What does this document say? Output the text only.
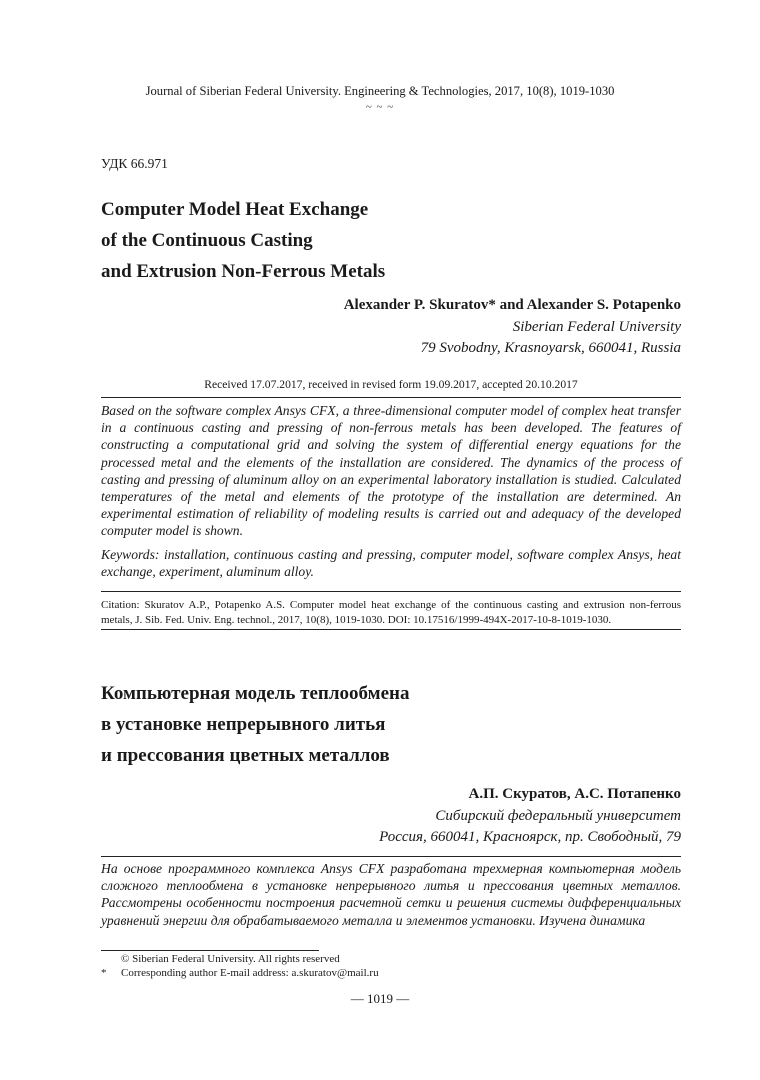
Journal of Siberian Federal University. Engineering & Technologies, 2017, 10(8), 1019-1030
~ ~ ~
УДК 66.971
Computer Model Heat Exchange
of the Continuous Casting
and Extrusion Non-Ferrous Metals
Alexander P. Skuratov* and Alexander S. Potapenko
Siberian Federal University
79 Svobodny, Krasnoyarsk, 660041, Russia
Received 17.07.2017, received in revised form 19.09.2017, accepted 20.10.2017
Based on the software complex Ansys CFX, a three-dimensional computer model of complex heat transfer in a continuous casting and pressing of non-ferrous metals has been developed. The features of constructing a computational grid and solving the system of differential energy equations for the processed metal and the elements of the installation are considered. The dynamics of the process of casting and pressing of aluminum alloy on an experimental laboratory installation is studied. Calculated temperatures of the metal and elements of the prototype of the installation are determined. An experimental estimation of reliability of modeling results is carried out and adequacy of the developed computer model is shown.
Keywords: installation, continuous casting and pressing, computer model, software complex Ansys, heat exchange, experiment, aluminum alloy.
Citation: Skuratov A.P., Potapenko A.S. Computer model heat exchange of the continuous casting and extrusion non-ferrous metals, J. Sib. Fed. Univ. Eng. technol., 2017, 10(8), 1019-1030. DOI: 10.17516/1999-494X-2017-10-8-1019-1030.
Компьютерная модель теплообмена
в установке непрерывного литья
и прессования цветных металлов
А.П. Скуратов, А.С. Потапенко
Сибирский федеральный университет
Россия, 660041, Красноярск, пр. Свободный, 79
На основе программного комплекса Ansys CFX разработана трехмерная компьютерная модель сложного теплообмена в установке непрерывного литья и прессования цветных металлов. Рассмотрены особенности построения расчетной сетки и решения системы дифференциальных уравнений энергии для обрабатываемого металла и элементов установки. Изучена динамика
© Siberian Federal University. All rights reserved
* Corresponding author E-mail address: a.skuratov@mail.ru
— 1019 —
